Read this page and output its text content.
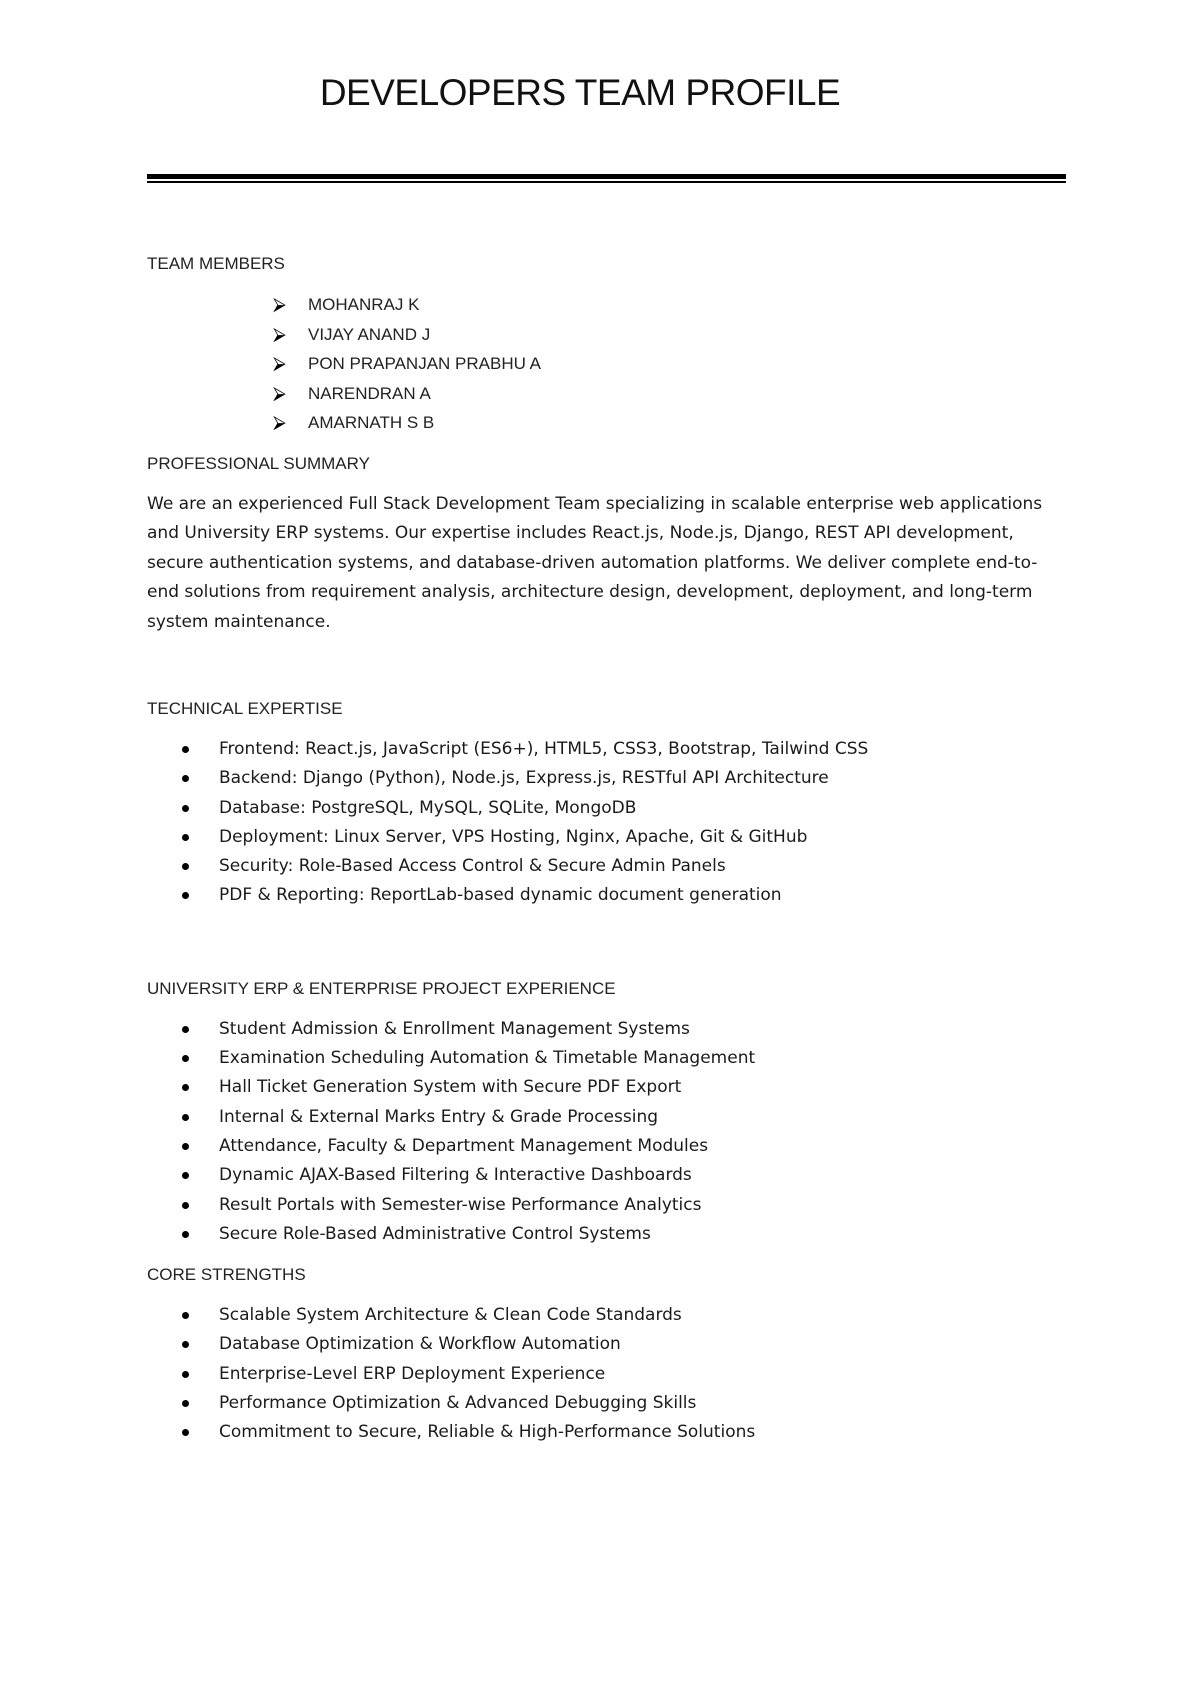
DEVELOPERS TEAM PROFILE

TEAM MEMBERS

⮚ MOHANRAJ K
⮚ VIJAY ANAND J
⮚ PON PRAPANJAN PRABHU A
⮚ NARENDRAN A
⮚ AMARNATH S B

PROFESSIONAL SUMMARY

We are an experienced Full Stack Development Team specializing in scalable enterprise web applications and University ERP systems. Our expertise includes React.js, Node.js, Django, REST API development, secure authentication systems, and database-driven automation platforms. We deliver complete end-to-end solutions from requirement analysis, architecture design, development, deployment, and long-term system maintenance.

TECHNICAL EXPERTISE

Frontend: React.js, JavaScript (ES6+), HTML5, CSS3, Bootstrap, Tailwind CSS
Backend: Django (Python), Node.js, Express.js, RESTful API Architecture
Database: PostgreSQL, MySQL, SQLite, MongoDB
Deployment: Linux Server, VPS Hosting, Nginx, Apache, Git & GitHub
Security: Role-Based Access Control & Secure Admin Panels
PDF & Reporting: ReportLab-based dynamic document generation

UNIVERSITY ERP & ENTERPRISE PROJECT EXPERIENCE

Student Admission & Enrollment Management Systems
Examination Scheduling Automation & Timetable Management
Hall Ticket Generation System with Secure PDF Export
Internal & External Marks Entry & Grade Processing
Attendance, Faculty & Department Management Modules
Dynamic AJAX-Based Filtering & Interactive Dashboards
Result Portals with Semester-wise Performance Analytics
Secure Role-Based Administrative Control Systems

CORE STRENGTHS

Scalable System Architecture & Clean Code Standards
Database Optimization & Workflow Automation
Enterprise-Level ERP Deployment Experience
Performance Optimization & Advanced Debugging Skills
Commitment to Secure, Reliable & High-Performance Solutions
